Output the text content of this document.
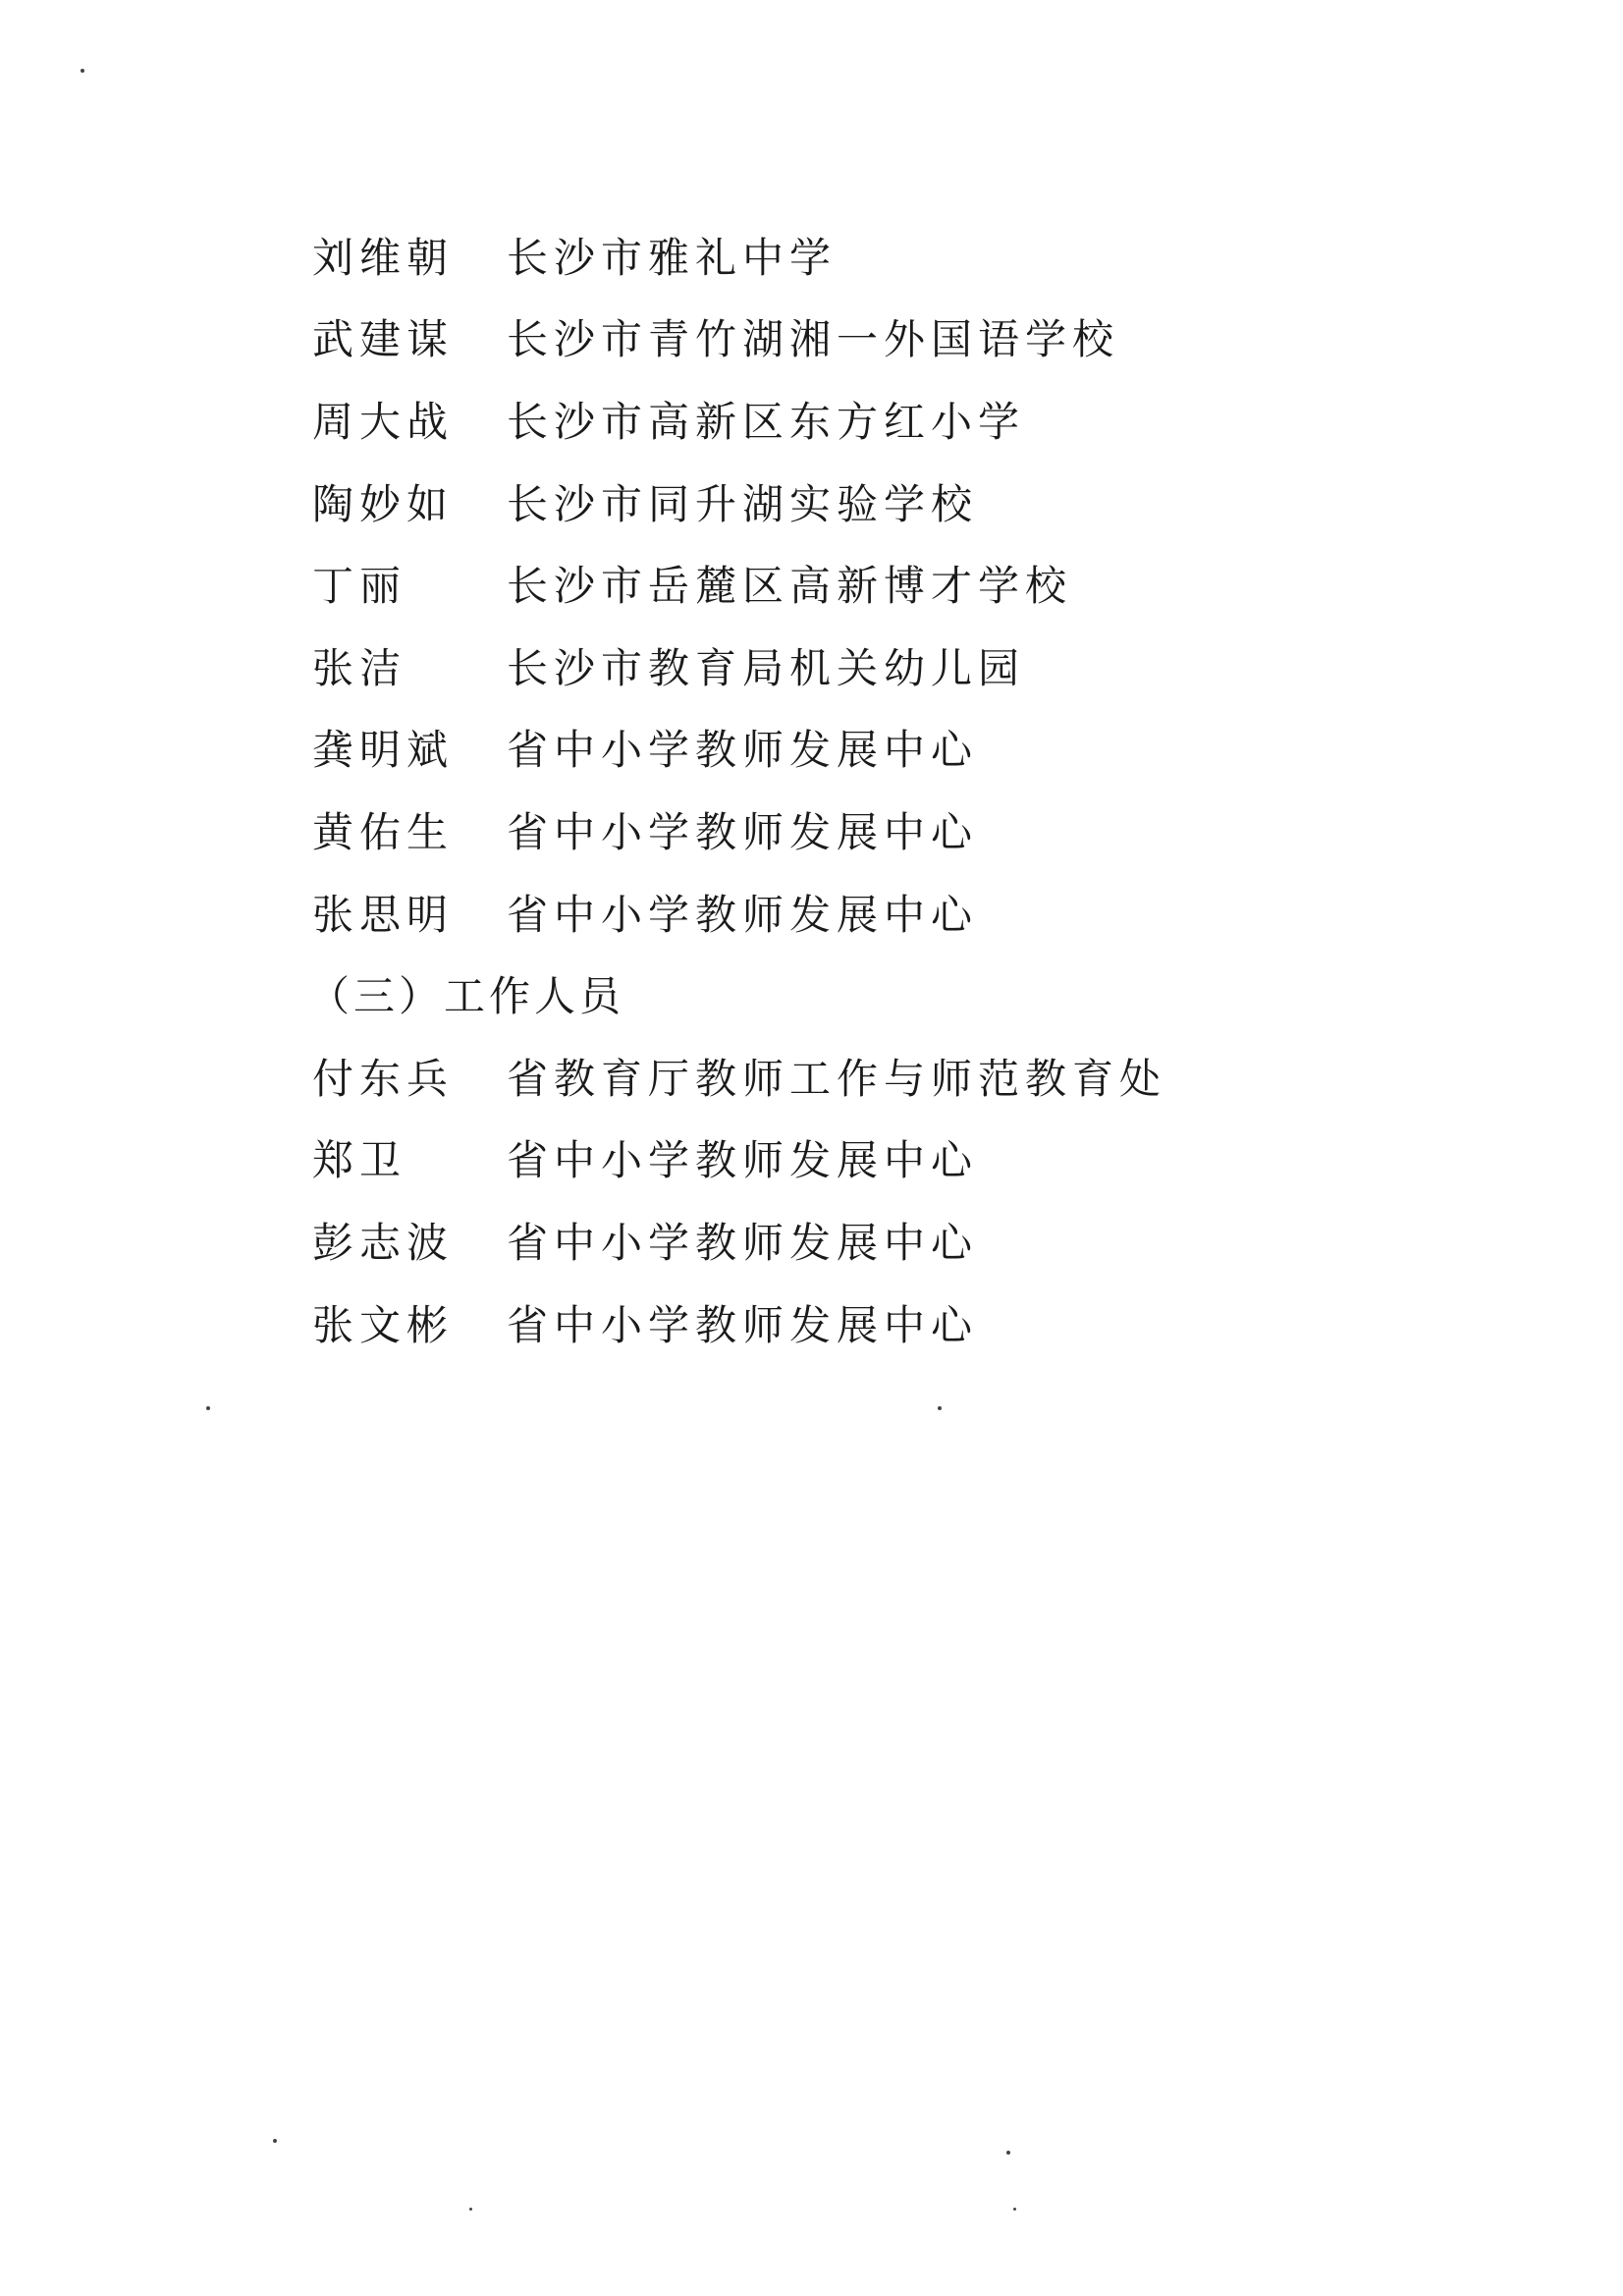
刘维朝	长沙市雅礼中学
武建谋	长沙市青竹湖湘一外国语学校
周大战	长沙市高新区东方红小学
陶妙如	长沙市同升湖实验学校
丁丽	长沙市岳麓区高新博才学校
张洁	长沙市教育局机关幼儿园
龚明斌	省中小学教师发展中心
黄佑生	省中小学教师发展中心
张思明	省中小学教师发展中心
（三）工作人员
付东兵	省教育厅教师工作与师范教育处
郑卫	省中小学教师发展中心
彭志波	省中小学教师发展中心
张文彬	省中小学教师发展中心
